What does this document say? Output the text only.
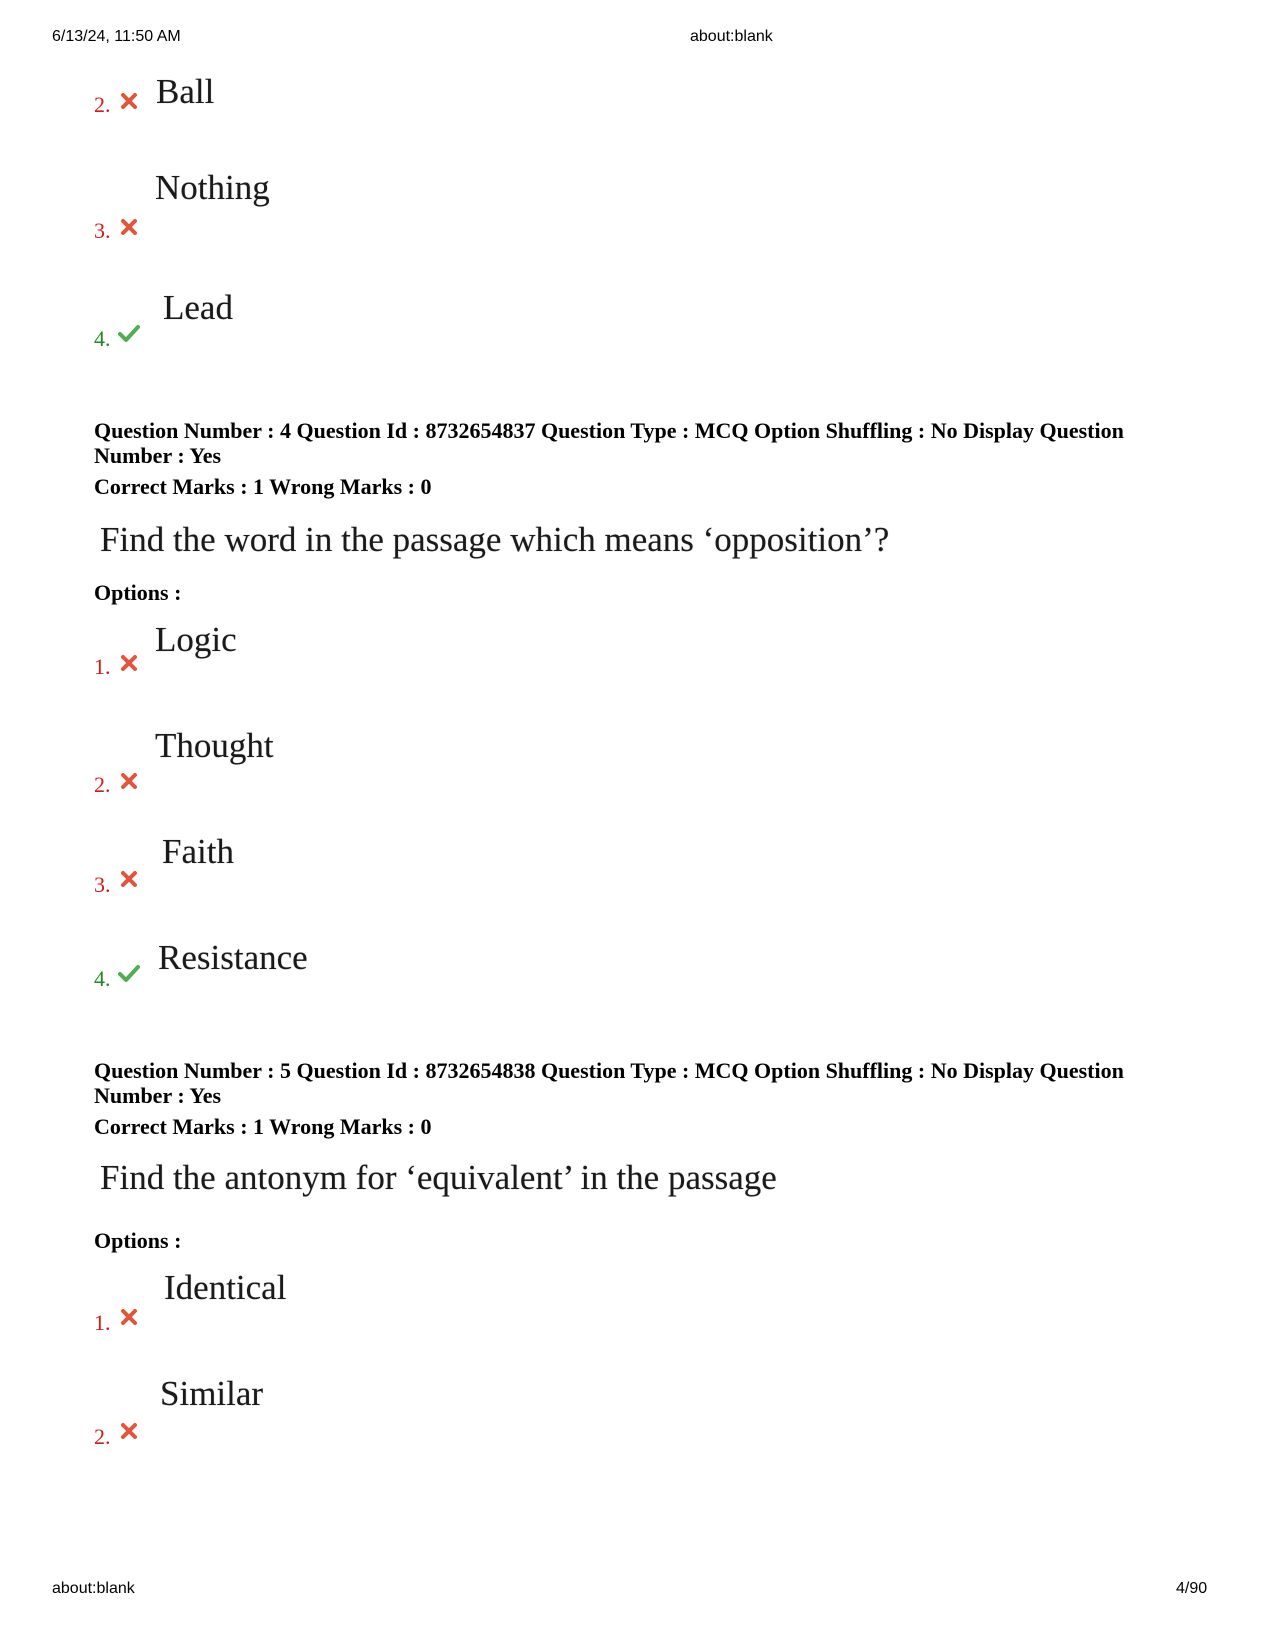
6/13/24, 11:50 AM	about:blank
2. Ball
3.
Nothing
4.
Lead
Question Number : 4 Question Id : 8732654837 Question Type : MCQ Option Shuffling : No Display Question
Number : Yes
Correct Marks : 1 Wrong Marks : 0
Find the word in the passage which means ‘opposition’?
Options :
1.
Logic
2.
Thought
3.
Faith
4.
Resistance
Question Number : 5 Question Id : 8732654838 Question Type : MCQ Option Shuffling : No Display Question
Number : Yes
Correct Marks : 1 Wrong Marks : 0
Find the antonym for ‘equivalent’ in the passage
Options :
1.
Identical
2.
Similar
about:blank	4/90
